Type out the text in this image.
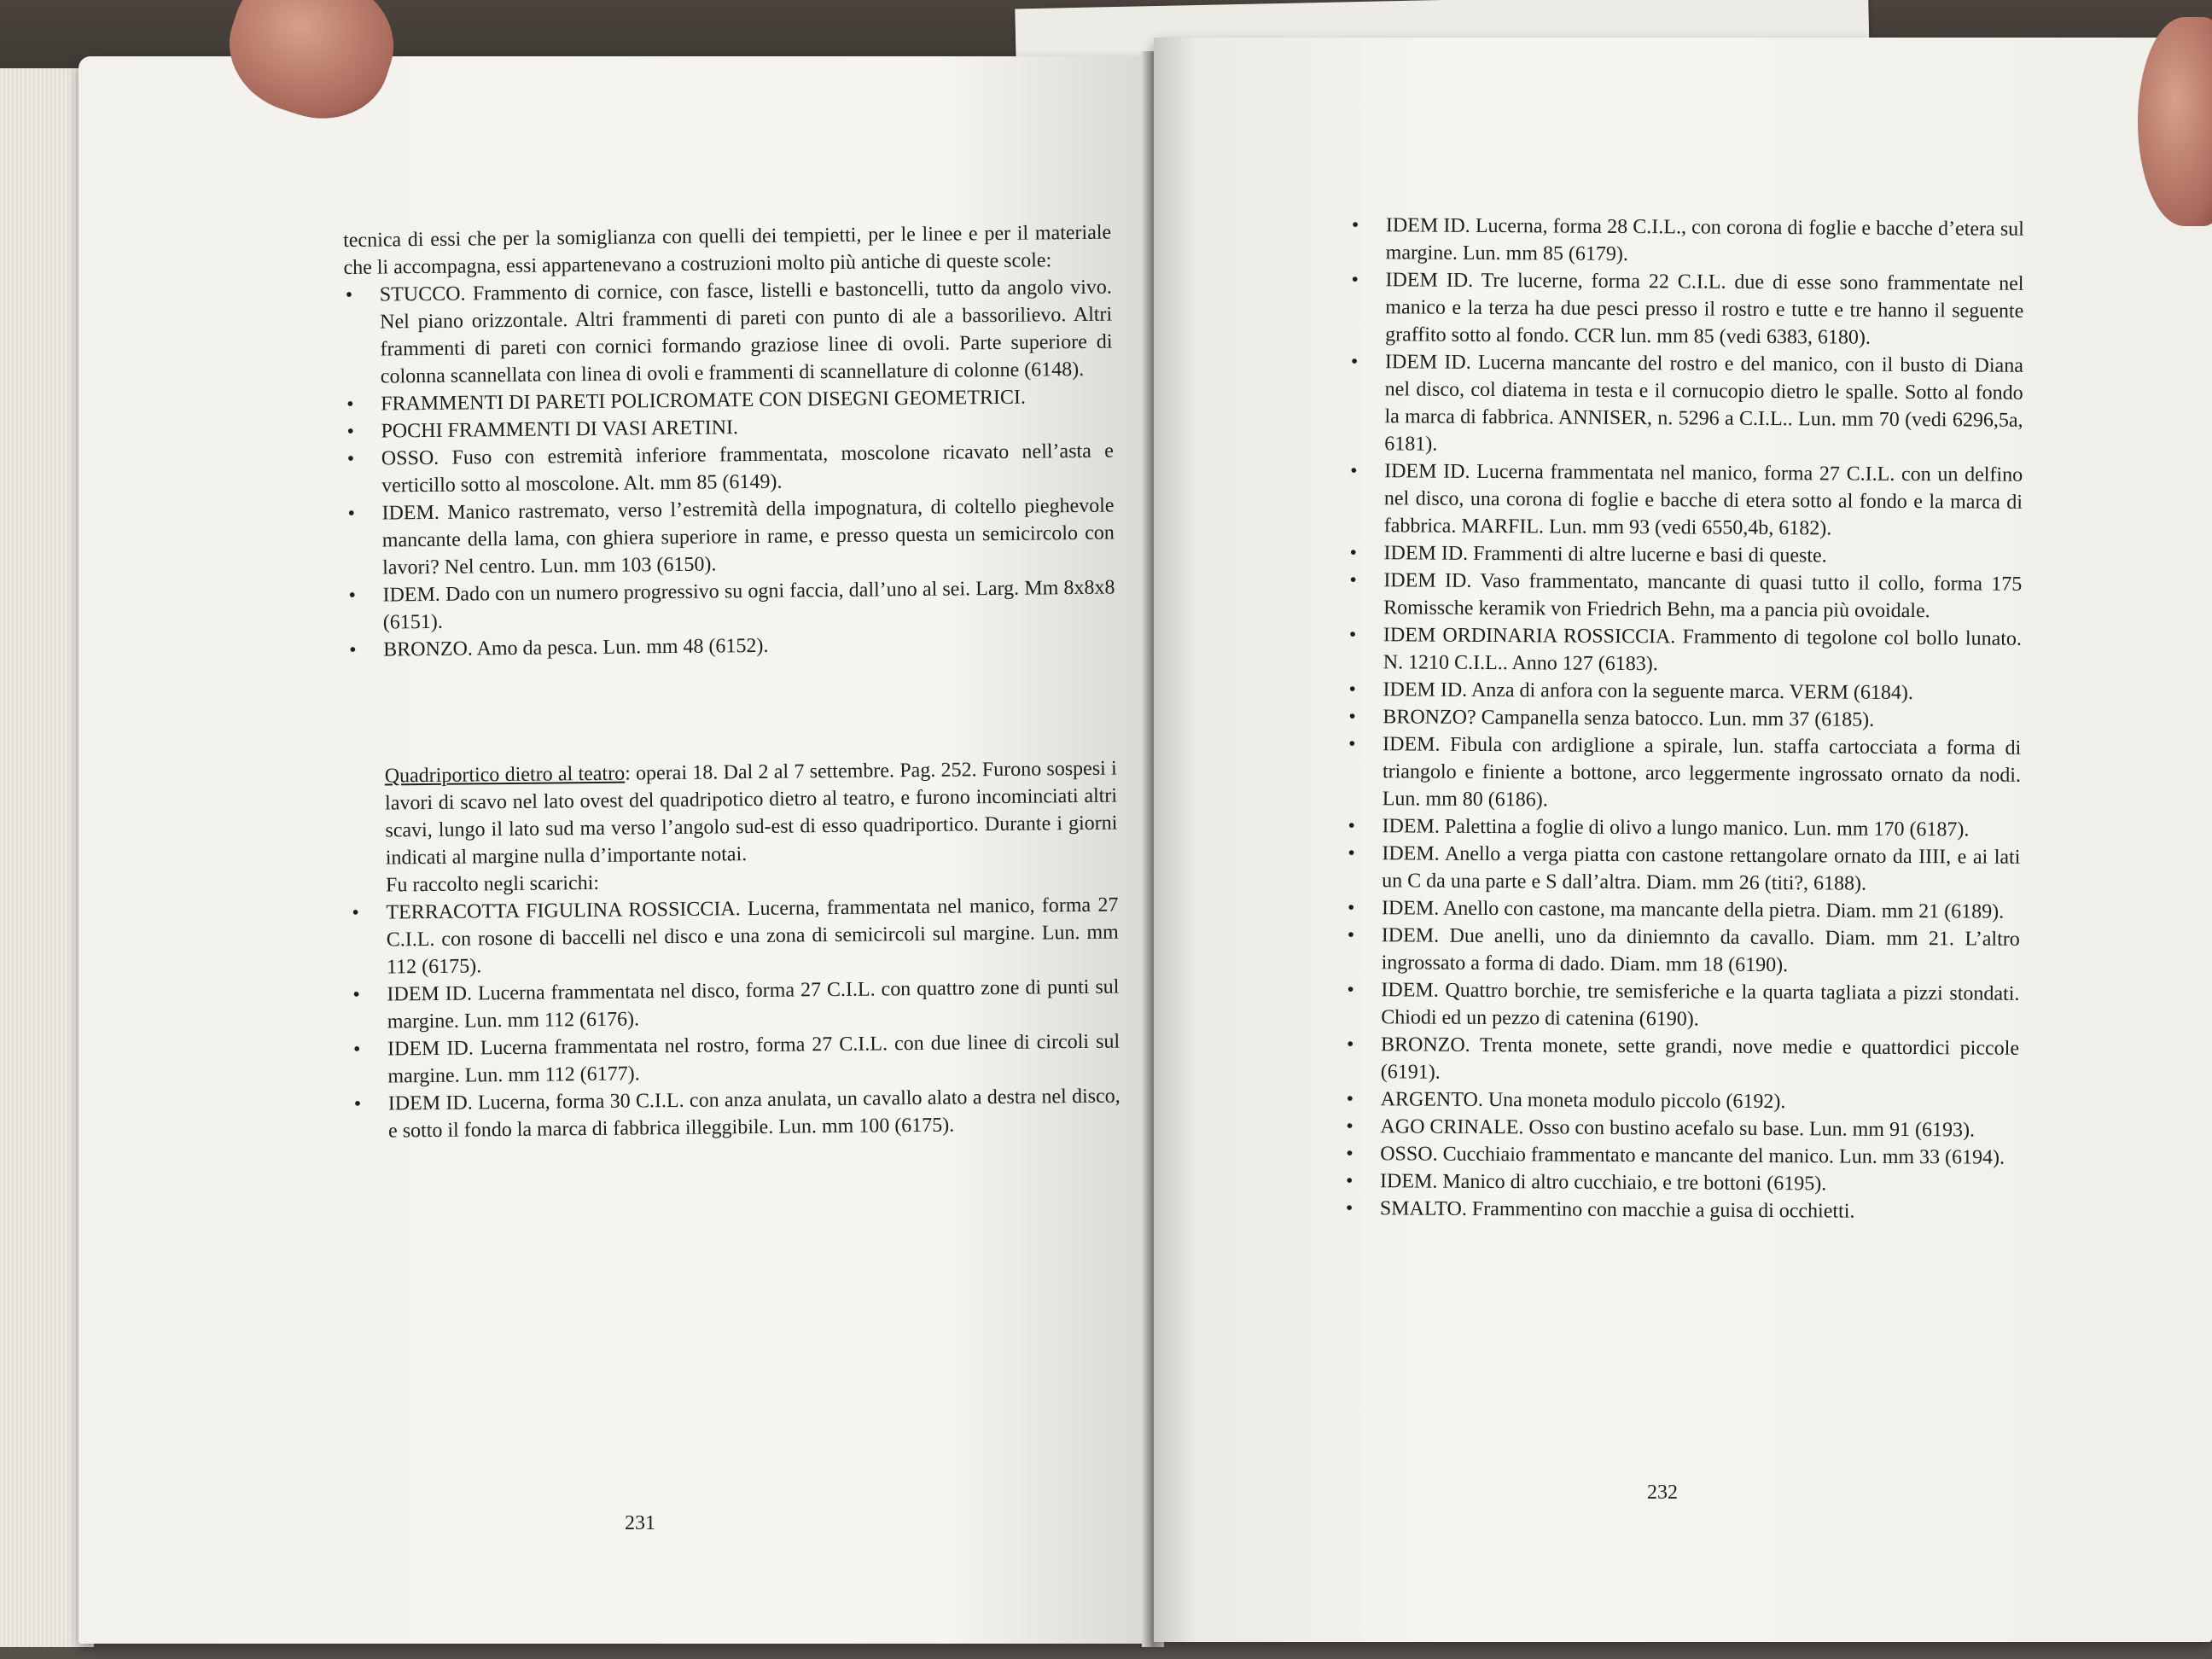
tecnica di essi che per la somiglianza con quelli dei tempietti, per le linee e per il materiale che li accompagna, essi appartenevano a costruzioni molto più antiche di queste scole:

• STUCCO. Frammento di cornice, con fasce, listelli e bastoncelli, tutto da angolo vivo. Nel piano orizzontale. Altri frammenti di pareti con punto di ale a bassorilievo. Altri frammenti di pareti con cornici formando graziose linee di ovoli. Parte superiore di colonna scannellata con linea di ovoli e frammenti di scannellature di colonne (6148).
• FRAMMENTI DI PARETI POLICROMATE CON DISEGNI GEOMETRICI.
• POCHI FRAMMENTI DI VASI ARETINI.
• OSSO. Fuso con estremità inferiore frammentata, moscolone ricavato nell’asta e verticillo sotto al moscolone. Alt. mm 85 (6149).
• IDEM. Manico rastremato, verso l’estremità della impognatura, di coltello pieghevole mancante della lama, con ghiera superiore in rame, e presso questa un semicircolo con lavori? Nel centro. Lun. mm 103 (6150).
• IDEM. Dado con un numero progressivo su ogni faccia, dall’uno al sei. Larg. Mm 8x8x8 (6151).
• BRONZO. Amo da pesca. Lun. mm 48 (6152).

Quadriportico dietro al teatro: operai 18. Dal 2 al 7 settembre. Pag. 252. Furono sospesi i lavori di scavo nel lato ovest del quadripotico dietro al teatro, e furono incominciati altri scavi, lungo il lato sud ma verso l’angolo sud-est di esso quadriportico. Durante i giorni indicati al margine nulla d’importante notai.

Fu raccolto negli scarichi:

• TERRACOTTA FIGULINA ROSSICCIA. Lucerna, frammentata nel manico, forma 27 C.I.L. con rosone di baccelli nel disco e una zona di semicircoli sul margine. Lun. mm 112 (6175).
• IDEM ID. Lucerna frammentata nel disco, forma 27 C.I.L. con quattro zone di punti sul margine. Lun. mm 112 (6176).
• IDEM ID. Lucerna frammentata nel rostro, forma 27 C.I.L. con due linee di circoli sul margine. Lun. mm 112 (6177).
• IDEM ID. Lucerna, forma 30 C.I.L. con anza anulata, un cavallo alato a destra nel disco, e sotto il fondo la marca di fabbrica illeggibile. Lun. mm 100 (6175).
231
• IDEM ID. Lucerna, forma 28 C.I.L., con corona di foglie e bacche d’etera sul margine. Lun. mm 85 (6179).
• IDEM ID. Tre lucerne, forma 22 C.I.L. due di esse sono frammentate nel manico e la terza ha due pesci presso il rostro e tutte e tre hanno il seguente graffito sotto al fondo. CCR lun. mm 85 (vedi 6383, 6180).
• IDEM ID. Lucerna mancante del rostro e del manico, con il busto di Diana nel disco, col diatema in testa e il cornucopio dietro le spalle. Sotto al fondo la marca di fabbrica. ANNISER, n. 5296 a C.I.L.. Lun. mm 70 (vedi 6296,5a, 6181).
• IDEM ID. Lucerna frammentata nel manico, forma 27 C.I.L. con un delfino nel disco, una corona di foglie e bacche di etera sotto al fondo e la marca di fabbrica. MARFIL. Lun. mm 93 (vedi 6550,4b, 6182).
• IDEM ID. Frammenti di altre lucerne e basi di queste.
• IDEM ID. Vaso frammentato, mancante di quasi tutto il collo, forma 175 Romissche keramik von Friedrich Behn, ma a pancia più ovoidale.
• IDEM ORDINARIA ROSSICCIA. Frammento di tegolone col bollo lunato. N. 1210 C.I.L.. Anno 127 (6183).
• IDEM ID. Anza di anfora con la seguente marca. VERM (6184).
• BRONZO? Campanella senza batocco. Lun. mm 37 (6185).
• IDEM. Fibula con ardiglione a spirale, lun. staffa cartocciata a forma di triangolo e finiente a bottone, arco leggermente ingrossato ornato da nodi. Lun. mm 80 (6186).
• IDEM. Palettina a foglie di olivo a lungo manico. Lun. mm 170 (6187).
• IDEM. Anello a verga piatta con castone rettangolare ornato da IIII, e ai lati un C da una parte e S dall’altra. Diam. mm 26 (titi?, 6188).
• IDEM. Anello con castone, ma mancante della pietra. Diam. mm 21 (6189).
• IDEM. Due anelli, uno da diniemnto da cavallo. Diam. mm 21. L’altro ingrossato a forma di dado. Diam. mm 18 (6190).
• IDEM. Quattro borchie, tre semisferiche e la quarta tagliata a pizzi stondati. Chiodi ed un pezzo di catenina (6190).
• BRONZO. Trenta monete, sette grandi, nove medie e quattordici piccole (6191).
• ARGENTO. Una moneta modulo piccolo (6192).
• AGO CRINALE. Osso con bustino acefalo su base. Lun. mm 91 (6193).
• OSSO. Cucchiaio frammentato e mancante del manico. Lun. mm 33 (6194).
• IDEM. Manico di altro cucchiaio, e tre bottoni (6195).
• SMALTO. Frammentino con macchie a guisa di occhietti.
232
